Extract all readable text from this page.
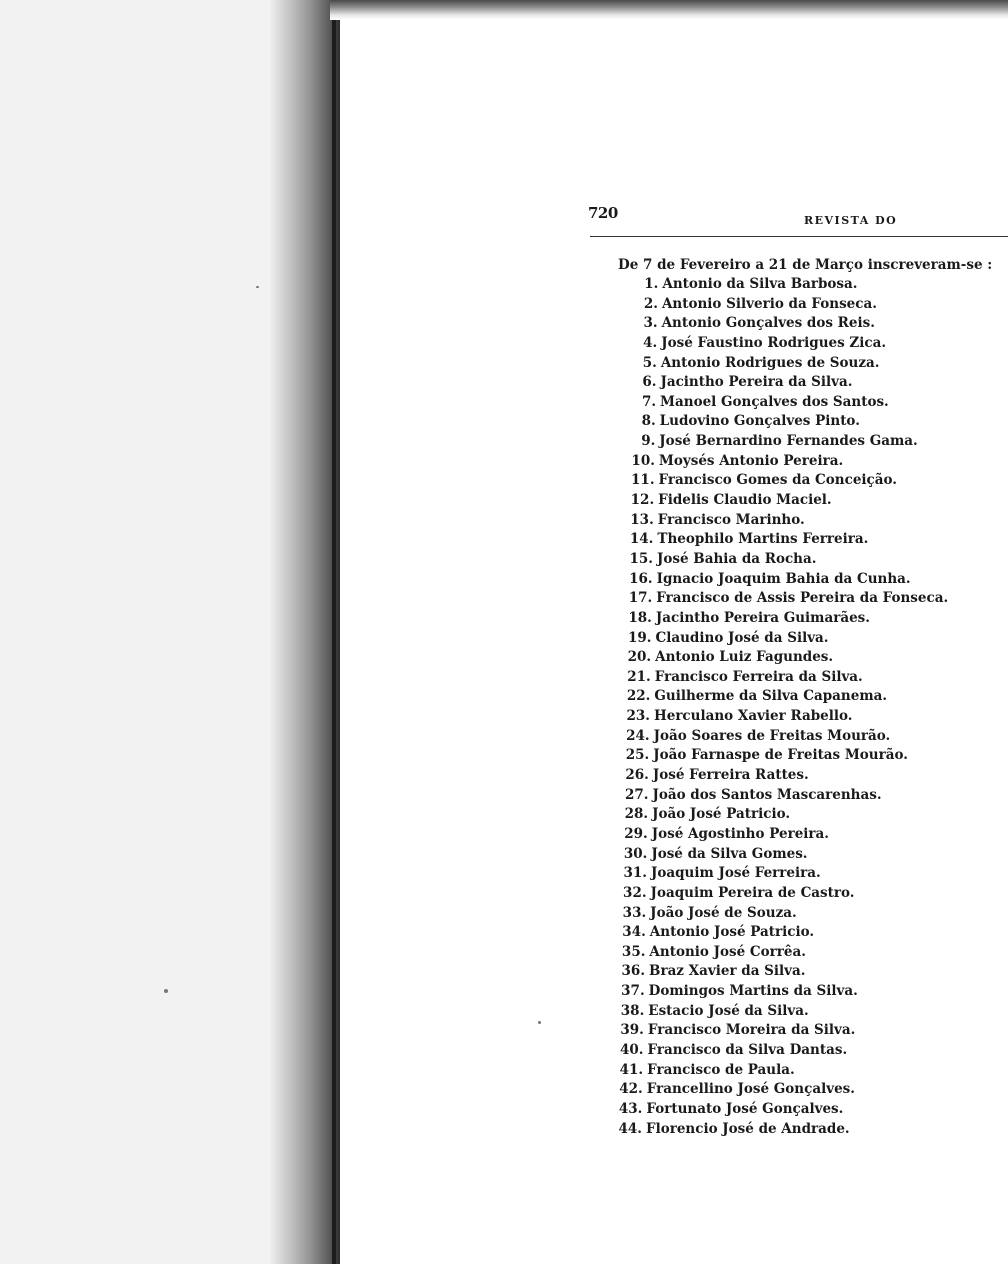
720	REVISTA DO
De 7 de Fevereiro a 21 de Março inscreveram-se :
1. Antonio da Silva Barbosa.
2. Antonio Silverio da Fonseca.
3. Antonio Gonçalves dos Reis.
4. José Faustino Rodrigues Zica.
5. Antonio Rodrigues de Souza.
6. Jacintho Pereira da Silva.
7. Manoel Gonçalves dos Santos.
8. Ludovino Gonçalves Pinto.
9. José Bernardino Fernandes Gama.
10. Moysés Antonio Pereira.
11. Francisco Gomes da Conceição.
12. Fidelis Claudio Maciel.
13. Francisco Marinho.
14. Theophilo Martins Ferreira.
15. José Bahia da Rocha.
16. Ignacio Joaquim Bahia da Cunha.
17. Francisco de Assis Pereira da Fonseca.
18. Jacintho Pereira Guimarães.
19. Claudino José da Silva.
20. Antonio Luiz Fagundes.
21. Francisco Ferreira da Silva.
22. Guilherme da Silva Capanema.
23. Herculano Xavier Rabello.
24. João Soares de Freitas Mourão.
25. João Farnaspe de Freitas Mourão.
26. José Ferreira Rattes.
27. João dos Santos Mascarenhas.
28. João José Patricio.
29. José Agostinho Pereira.
30. José da Silva Gomes.
31. Joaquim José Ferreira.
32. Joaquim Pereira de Castro.
33. João José de Souza.
34. Antonio José Patricio.
35. Antonio José Corrêa.
36. Braz Xavier da Silva.
37. Domingos Martins da Silva.
38. Estacio José da Silva.
39. Francisco Moreira da Silva.
40. Francisco da Silva Dantas.
41. Francisco de Paula.
42. Francellino José Gonçalves.
43. Fortunato José Gonçalves.
44. Florencio José de Andrade.
